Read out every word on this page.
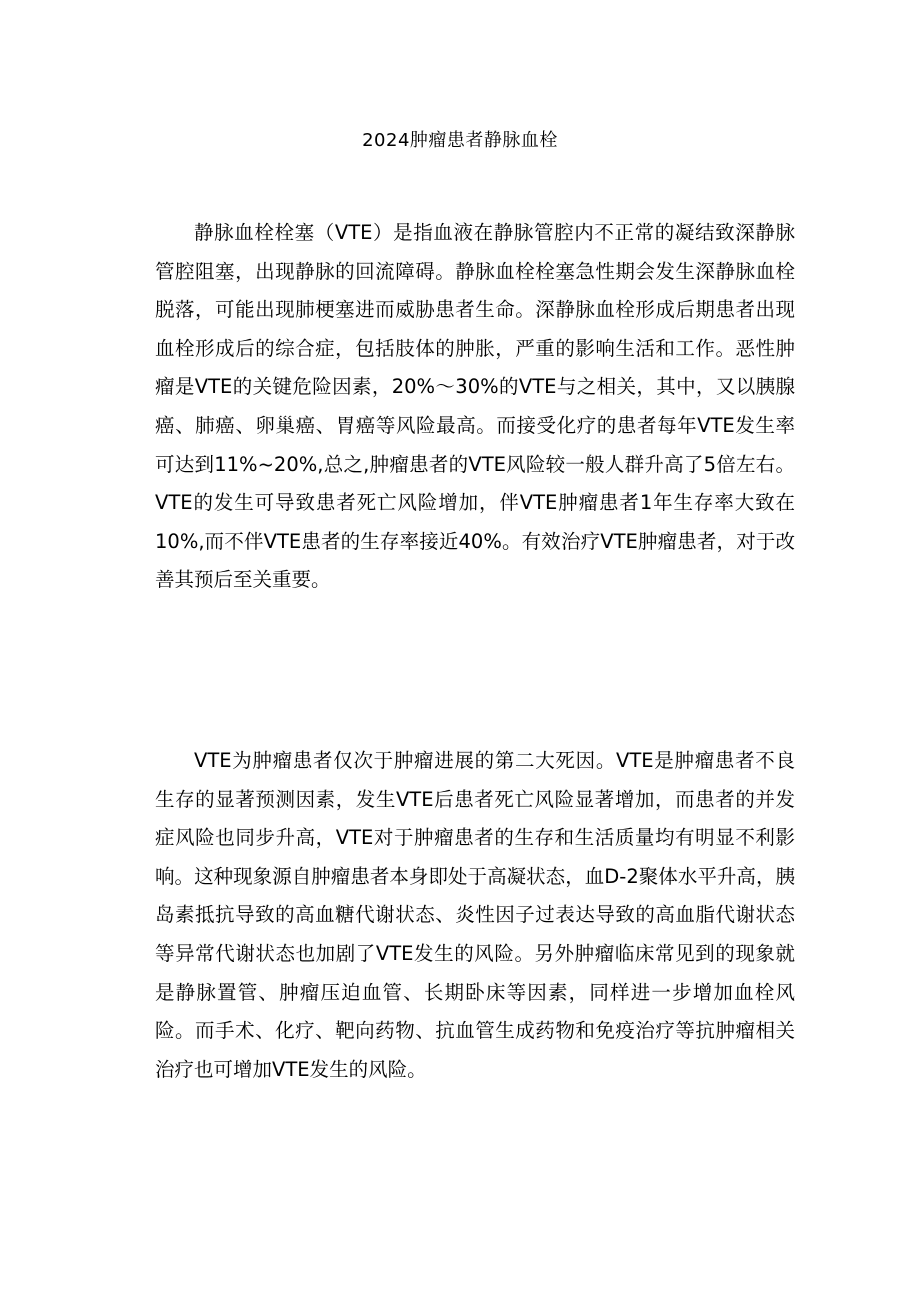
2024肿瘤患者静脉血栓

静脉血栓栓塞（VTE）是指血液在静脉管腔内不正常的凝结致深静脉管腔阻塞，出现静脉的回流障碍。静脉血栓栓塞急性期会发生深静脉血栓脱落，可能出现肺梗塞进而威胁患者生命。深静脉血栓形成后期患者出现血栓形成后的综合症，包括肢体的肿胀，严重的影响生活和工作。恶性肿瘤是VTE的关键危险因素，20%～30%的VTE与之相关，其中，又以胰腺癌、肺癌、卵巢癌、胃癌等风险最高。而接受化疗的患者每年VTE发生率可达到11%~20%,总之,肿瘤患者的VTE风险较一般人群升高了5倍左右。VTE的发生可导致患者死亡风险增加，伴VTE肿瘤患者1年生存率大致在10%,而不伴VTE患者的生存率接近40%。有效治疗VTE肿瘤患者，对于改善其预后至关重要。

VTE为肿瘤患者仅次于肿瘤进展的第二大死因。VTE是肿瘤患者不良生存的显著预测因素，发生VTE后患者死亡风险显著增加，而患者的并发症风险也同步升高，VTE对于肿瘤患者的生存和生活质量均有明显不利影响。这种现象源自肿瘤患者本身即处于高凝状态，血D-2聚体水平升高，胰岛素抵抗导致的高血糖代谢状态、炎性因子过表达导致的高血脂代谢状态等异常代谢状态也加剧了VTE发生的风险。另外肿瘤临床常见到的现象就是静脉置管、肿瘤压迫血管、长期卧床等因素，同样进一步增加血栓风险。而手术、化疗、靶向药物、抗血管生成药物和免疫治疗等抗肿瘤相关治疗也可增加VTE发生的风险。
